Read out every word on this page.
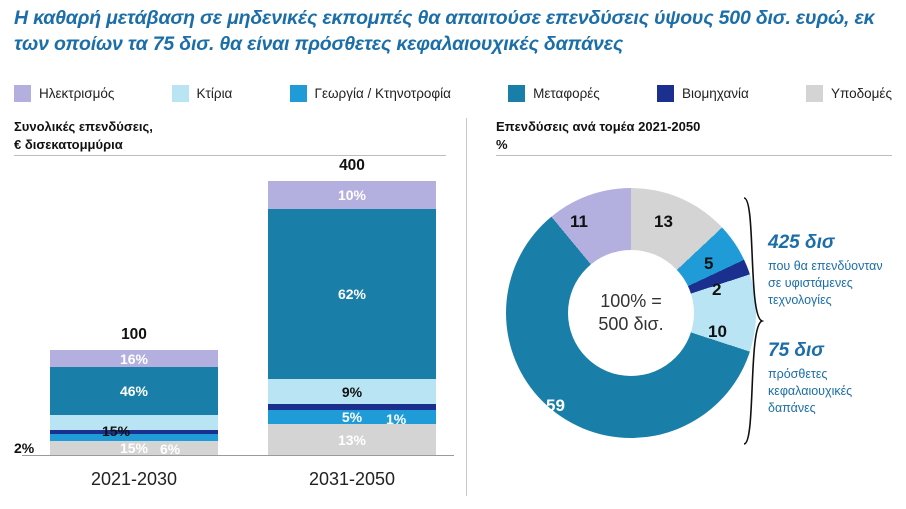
Η καθαρή μετάβαση σε μηδενικές εκπομπές θα απαιτούσε επενδύσεις ύψους 500 δισ. ευρώ, εκ των οποίων τα 75 δισ. θα είναι πρόσθετες κεφαλαιουχικές δαπάνες
Ηλεκτρισμός	Κτίρια	Γεωργία / Κτηνοτροφία	Μεταφορές	Βιομηχανία	Υποδομές
Συνολικές επενδύσεις,
€ δισεκατομμύρια
Επενδύσεις ανά τομέα 2021-2050
%
100
16%
46%
15%
15%
2%	6%
400
10%
62%
9%
5%
13%
1%
2021-2030	2031-2050
100% =
500 δισ.
13
5
2
10
59
11
425 δισ
που θα επενδύονταν σε υφιστάμενες τεχνολογίες
75 δισ
πρόσθετες κεφαλαιουχικές δαπάνες
